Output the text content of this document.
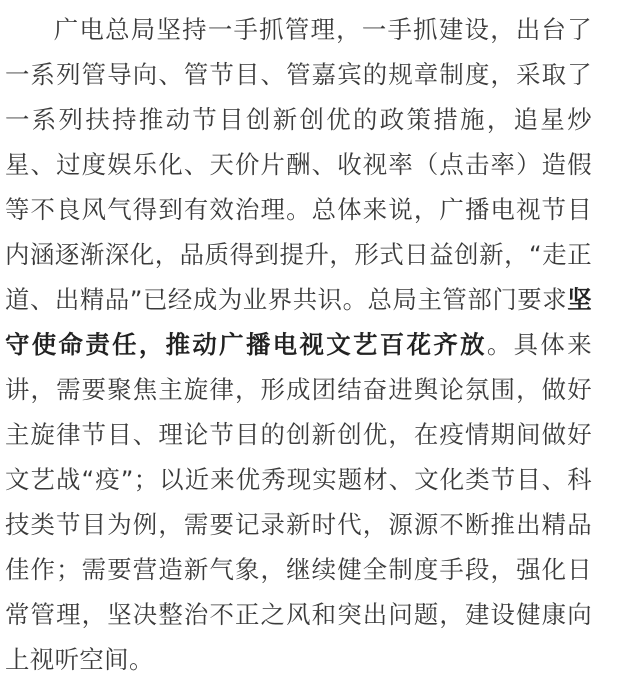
广电总局坚持一手抓管理，一手抓建设，出台了一系列管导向、管节目、管嘉宾的规章制度，采取了一系列扶持推动节目创新创优的政策措施，追星炒星、过度娱乐化、天价片酬、收视率（点击率）造假等不良风气得到有效治理。总体来说，广播电视节目内涵逐渐深化，品质得到提升，形式日益创新，“走正道、出精品”已经成为业界共识。总局主管部门要求坚守使命责任，推动广播电视文艺百花齐放。具体来讲，需要聚焦主旋律，形成团结奋进舆论氛围，做好主旋律节目、理论节目的创新创优，在疫情期间做好文艺战“疫”；以近来优秀现实题材、文化类节目、科技类节目为例，需要记录新时代，源源不断推出精品佳作；需要营造新气象，继续健全制度手段，强化日常管理，坚决整治不正之风和突出问题，建设健康向上视听空间。
